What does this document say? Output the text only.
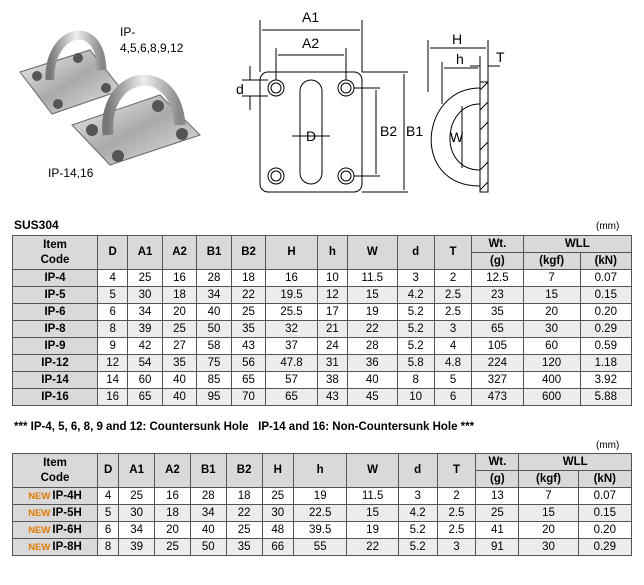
IP-
4,5,6,8,9,12
IP-14,16
A1
A2
d
D	B2 B1
H
h T
W
SUS304	(mm)
Item
Code	D	A1	A2	B1	B2	H	h	W	d	T	Wt.	WLL	
											(g)	(kgf)	(kN)
IP-4	4	25	16	28	18	16	10	11.5	3	2	12.5	7	0.07
IP-5	5	30	18	34	22	19.5	12	15	4.2	2.5	23	15	0.15
IP-6	6	34	20	40	25	25.5	17	19	5.2	2.5	35	20	0.20
IP-8	8	39	25	50	35	32	21	22	5.2	3	65	30	0.29
IP-9	9	42	27	58	43	37	24	28	5.2	4	105	60	0.59
IP-12	12	54	35	75	56	47.8	31	36	5.8	4.8	224	120	1.18
IP-14	14	60	40	85	65	57	38	40	8	5	327	400	3.92
IP-16	16	65	40	95	70	65	43	45	10	6	473	600	5.88
*** IP-4, 5, 6, 8, 9 and 12: Countersunk Hole   IP-14 and 16: Non-Countersunk Hole ***
(mm)
Item
Code	D	A1	A2	B1	B2	H	h	W	d	T	Wt.	WLL	
											(g)	(kgf)	(kN)
NEW IP-4H	4	25	16	28	18	25	19	11.5	3	2	13	7	0.07
NEW IP-5H	5	30	18	34	22	30	22.5	15	4.2	2.5	25	15	0.15
NEW IP-6H	6	34	20	40	25	48	39.5	19	5.2	2.5	41	20	0.20
NEW IP-8H	8	39	25	50	35	66	55	22	5.2	3	91	30	0.29
